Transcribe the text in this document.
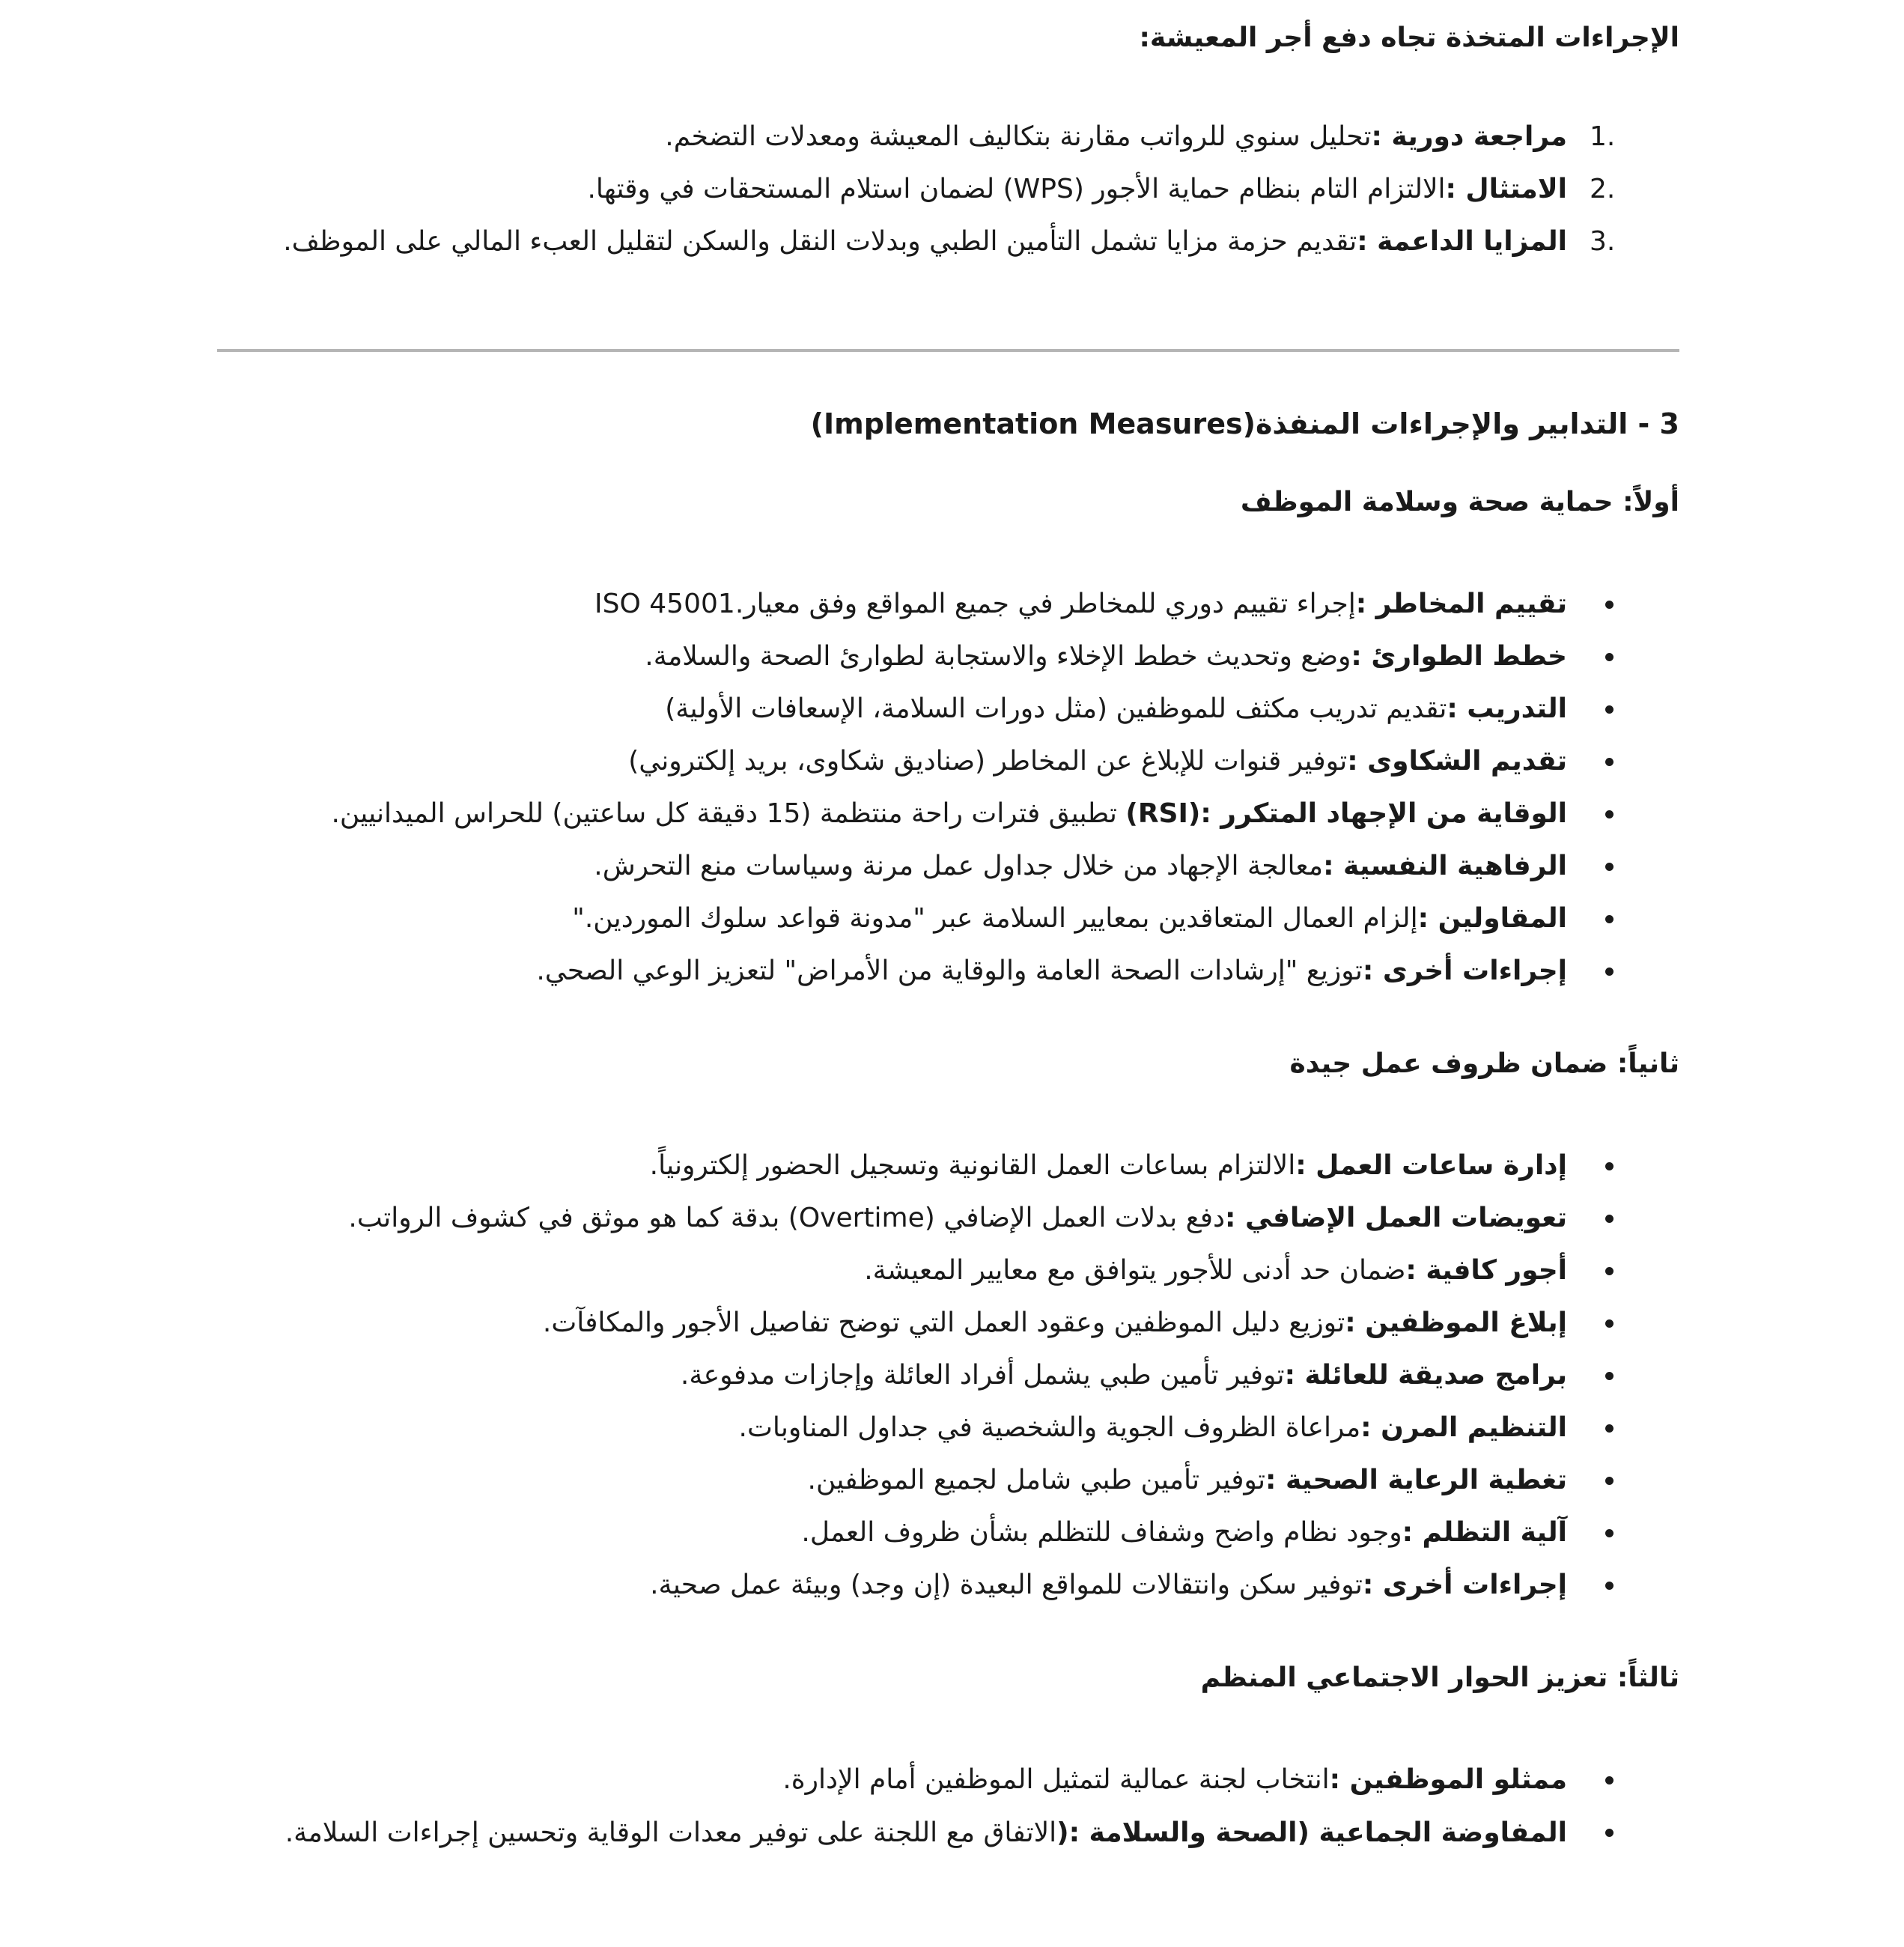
الإجراءات المتخذة تجاه دفع أجر المعيشة:
1.
مراجعة دورية :تحليل سنوي للرواتب مقارنة بتكاليف المعيشة ومعدلات التضخم.
2.
الامتثال :الالتزام التام بنظام حماية الأجور (WPS) لضمان استلام المستحقات في وقتها.
3.
المزايا الداعمة :تقديم حزمة مزايا تشمل التأمين الطبي وبدلات النقل والسكن لتقليل العبء المالي على الموظف.
3 - التدابير والإجراءات المنفذة(Implementation Measures)
أولاً: حماية صحة وسلامة الموظف
تقييم المخاطر :إجراء تقييم دوري للمخاطر في جميع المواقع وفق معيار.ISO 45001
خطط الطوارئ :وضع وتحديث خطط الإخلاء والاستجابة لطوارئ الصحة والسلامة.
التدريب :تقديم تدريب مكثف للموظفين (مثل دورات السلامة، الإسعافات الأولية)
تقديم الشكاوى :توفير قنوات للإبلاغ عن المخاطر (صناديق شكاوى، بريد إلكتروني)
الوقاية من الإجهاد المتكرر :(RSI) تطبيق فترات راحة منتظمة (15 دقيقة كل ساعتين) للحراس الميدانيين.
الرفاهية النفسية :معالجة الإجهاد من خلال جداول عمل مرنة وسياسات منع التحرش.
المقاولين :إلزام العمال المتعاقدين بمعايير السلامة عبر "مدونة قواعد سلوك الموردين."
إجراءات أخرى :توزيع "إرشادات الصحة العامة والوقاية من الأمراض" لتعزيز الوعي الصحي.
ثانياً: ضمان ظروف عمل جيدة
إدارة ساعات العمل :الالتزام بساعات العمل القانونية وتسجيل الحضور إلكترونياً.
تعويضات العمل الإضافي :دفع بدلات العمل الإضافي (Overtime) بدقة كما هو موثق في كشوف الرواتب.
أجور كافية :ضمان حد أدنى للأجور يتوافق مع معايير المعيشة.
إبلاغ الموظفين :توزيع دليل الموظفين وعقود العمل التي توضح تفاصيل الأجور والمكافآت.
برامج صديقة للعائلة :توفير تأمين طبي يشمل أفراد العائلة وإجازات مدفوعة.
التنظيم المرن :مراعاة الظروف الجوية والشخصية في جداول المناوبات.
تغطية الرعاية الصحية :توفير تأمين طبي شامل لجميع الموظفين.
آلية التظلم :وجود نظام واضح وشفاف للتظلم بشأن ظروف العمل.
إجراءات أخرى :توفير سكن وانتقالات للمواقع البعيدة (إن وجد) وبيئة عمل صحية.
ثالثاً: تعزيز الحوار الاجتماعي المنظم
ممثلو الموظفين :انتخاب لجنة عمالية لتمثيل الموظفين أمام الإدارة.
المفاوضة الجماعية (الصحة والسلامة :(الاتفاق مع اللجنة على توفير معدات الوقاية وتحسين إجراءات السلامة.
